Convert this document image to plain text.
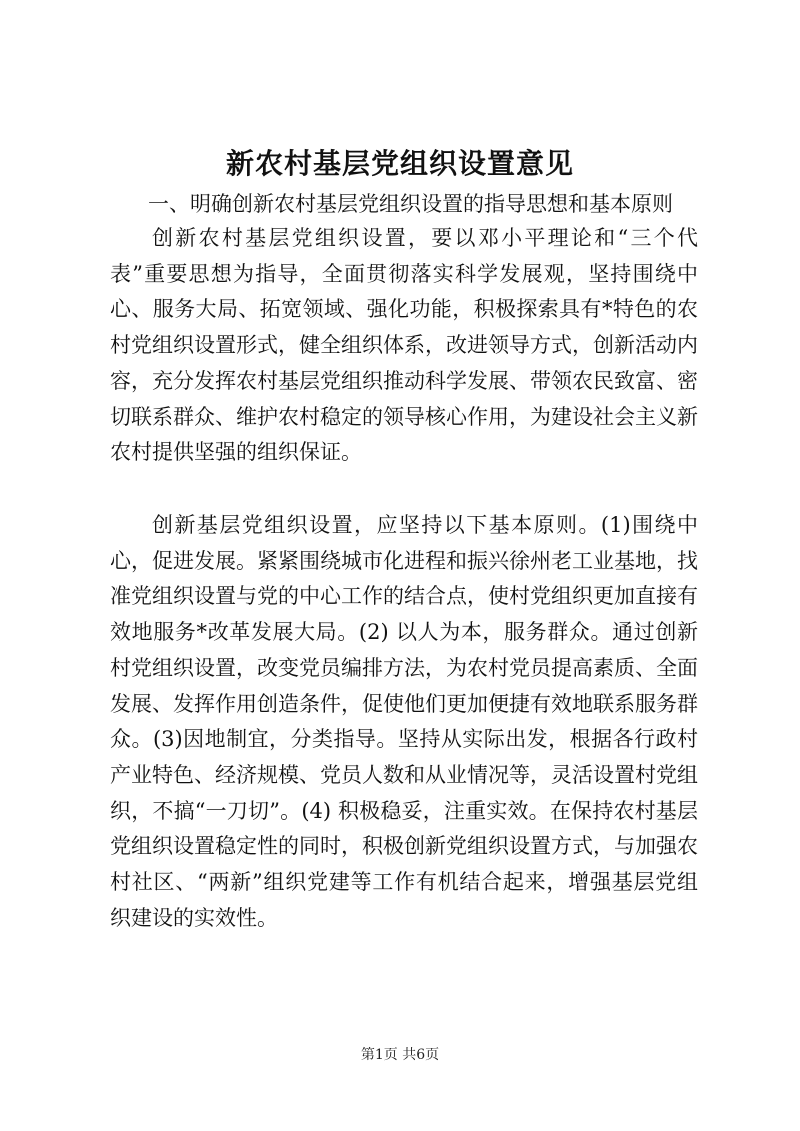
新农村基层党组织设置意见

一、明确创新农村基层党组织设置的指导思想和基本原则

创新农村基层党组织设置，要以邓小平理论和“三个代表”重要思想为指导，全面贯彻落实科学发展观，坚持围绕中心、服务大局、拓宽领域、强化功能，积极探索具有*特色的农村党组织设置形式，健全组织体系，改进领导方式，创新活动内容，充分发挥农村基层党组织推动科学发展、带领农民致富、密切联系群众、维护农村稳定的领导核心作用，为建设社会主义新农村提供坚强的组织保证。

创新基层党组织设置，应坚持以下基本原则。(1)围绕中心，促进发展。紧紧围绕城市化进程和振兴徐州老工业基地，找准党组织设置与党的中心工作的结合点，使村党组织更加直接有效地服务*改革发展大局。(2) 以人为本，服务群众。通过创新村党组织设置，改变党员编排方法，为农村党员提高素质、全面发展、发挥作用创造条件，促使他们更加便捷有效地联系服务群众。(3)因地制宜，分类指导。坚持从实际出发，根据各行政村产业特色、经济规模、党员人数和从业情况等，灵活设置村党组织，不搞“一刀切”。(4) 积极稳妥，注重实效。在保持农村基层党组织设置稳定性的同时，积极创新党组织设置方式，与加强农村社区、“两新”组织党建等工作有机结合起来，增强基层党组织建设的实效性。

第1页 共6页
